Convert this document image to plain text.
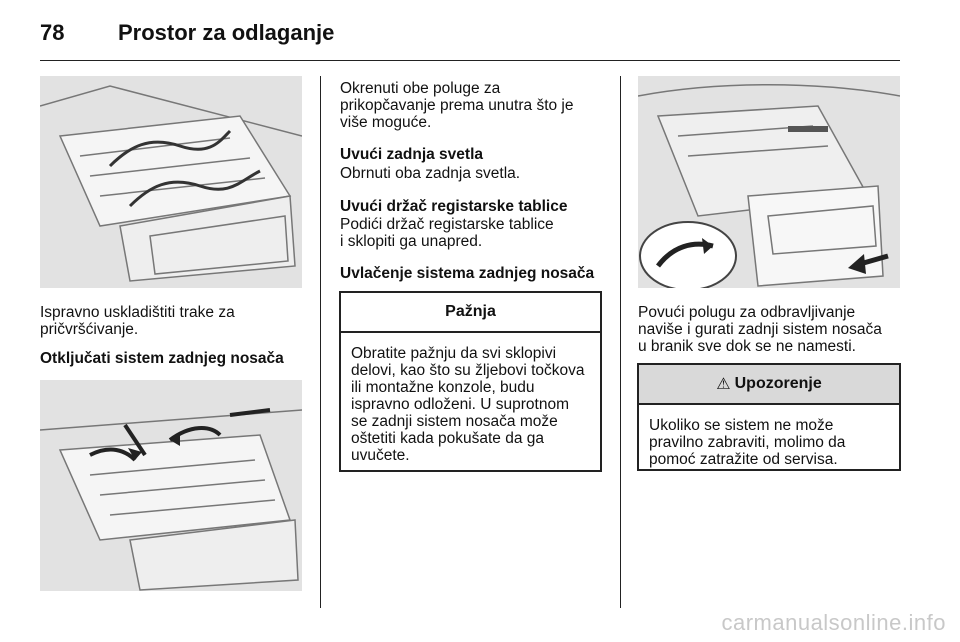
78 Prostor za odlaganje

Ispravno uskladištiti trake za

pričvršćivanje.

Otključati sistem zadnjeg nosača

Okrenuti obe poluge za

prikopčavanje prema unutra što je

više moguće.

Uvući zadnja svetla
Obrnuti oba zadnja svetla.
Uvući držač registarske tablice

Podići držač registarske tablice

i sklopiti ga unapred.

Uvlačenje sistema zadnjeg nosača
Pažnja

Obratite pažnju da svi sklopivi

delovi, kao što su žljebovi točkova

ili montažne konzole, budu

ispravno odloženi. U suprotnom

se zadnji sistem nosača može

oštetiti kada pokušate da ga

uvučete.

Povući polugu za odbravljivanje

naviše i gurati zadnji sistem nosača

u branik sve dok se ne namesti.

⚠ Upozorenje

Ukoliko se sistem ne može

pravilno zabraviti, molimo da

pomoć zatražite od servisa.

carmanualsonline.info
